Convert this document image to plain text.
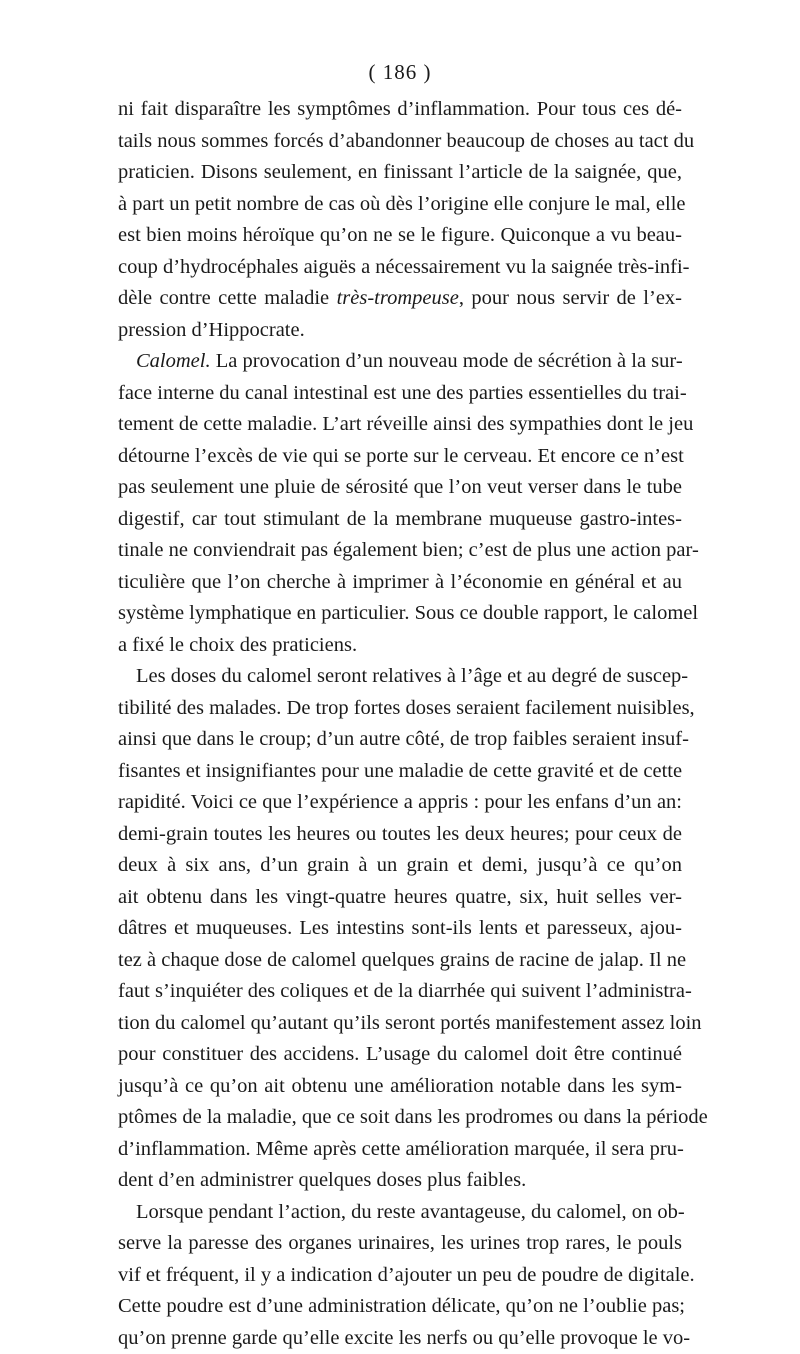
( 186 )
ni fait disparaître les symptômes d’inflammation. Pour tous ces dé-
tails nous sommes forcés d’abandonner beaucoup de choses au tact du
praticien. Disons seulement, en finissant l’article de la saignée, que,
à part un petit nombre de cas où dès l’origine elle conjure le mal, elle
est bien moins héroïque qu’on ne se le figure. Quiconque a vu beau-
coup d’hydrocéphales aiguës a nécessairement vu la saignée très-infi-
dèle contre cette maladie très-trompeuse, pour nous servir de l’ex-
pression d’Hippocrate.
Calomel. La provocation d’un nouveau mode de sécrétion à la sur-
face interne du canal intestinal est une des parties essentielles du trai-
tement de cette maladie. L’art réveille ainsi des sympathies dont le jeu
détourne l’excès de vie qui se porte sur le cerveau. Et encore ce n’est
pas seulement une pluie de sérosité que l’on veut verser dans le tube
digestif, car tout stimulant de la membrane muqueuse gastro-intes-
tinale ne conviendrait pas également bien; c’est de plus une action par-
ticulière que l’on cherche à imprimer à l’économie en général et au
système lymphatique en particulier. Sous ce double rapport, le calomel
a fixé le choix des praticiens.
Les doses du calomel seront relatives à l’âge et au degré de suscep-
tibilité des malades. De trop fortes doses seraient facilement nuisibles,
ainsi que dans le croup; d’un autre côté, de trop faibles seraient insuf-
fisantes et insignifiantes pour une maladie de cette gravité et de cette
rapidité. Voici ce que l’expérience a appris : pour les enfans d’un an:
demi-grain toutes les heures ou toutes les deux heures; pour ceux de
deux à six ans, d’un grain à un grain et demi, jusqu’à ce qu’on
ait obtenu dans les vingt-quatre heures quatre, six, huit selles ver-
dâtres et muqueuses. Les intestins sont-ils lents et paresseux, ajou-
tez à chaque dose de calomel quelques grains de racine de jalap. Il ne
faut s’inquiéter des coliques et de la diarrhée qui suivent l’administra-
tion du calomel qu’autant qu’ils seront portés manifestement assez loin
pour constituer des accidens. L’usage du calomel doit être continué
jusqu’à ce qu’on ait obtenu une amélioration notable dans les sym-
ptômes de la maladie, que ce soit dans les prodromes ou dans la période
d’inflammation. Même après cette amélioration marquée, il sera pru-
dent d’en administrer quelques doses plus faibles.
Lorsque pendant l’action, du reste avantageuse, du calomel, on ob-
serve la paresse des organes urinaires, les urines trop rares, le pouls
vif et fréquent, il y a indication d’ajouter un peu de poudre de digitale.
Cette poudre est d’une administration délicate, qu’on ne l’oublie pas;
qu’on prenne garde qu’elle excite les nerfs ou qu’elle provoque le vo-
